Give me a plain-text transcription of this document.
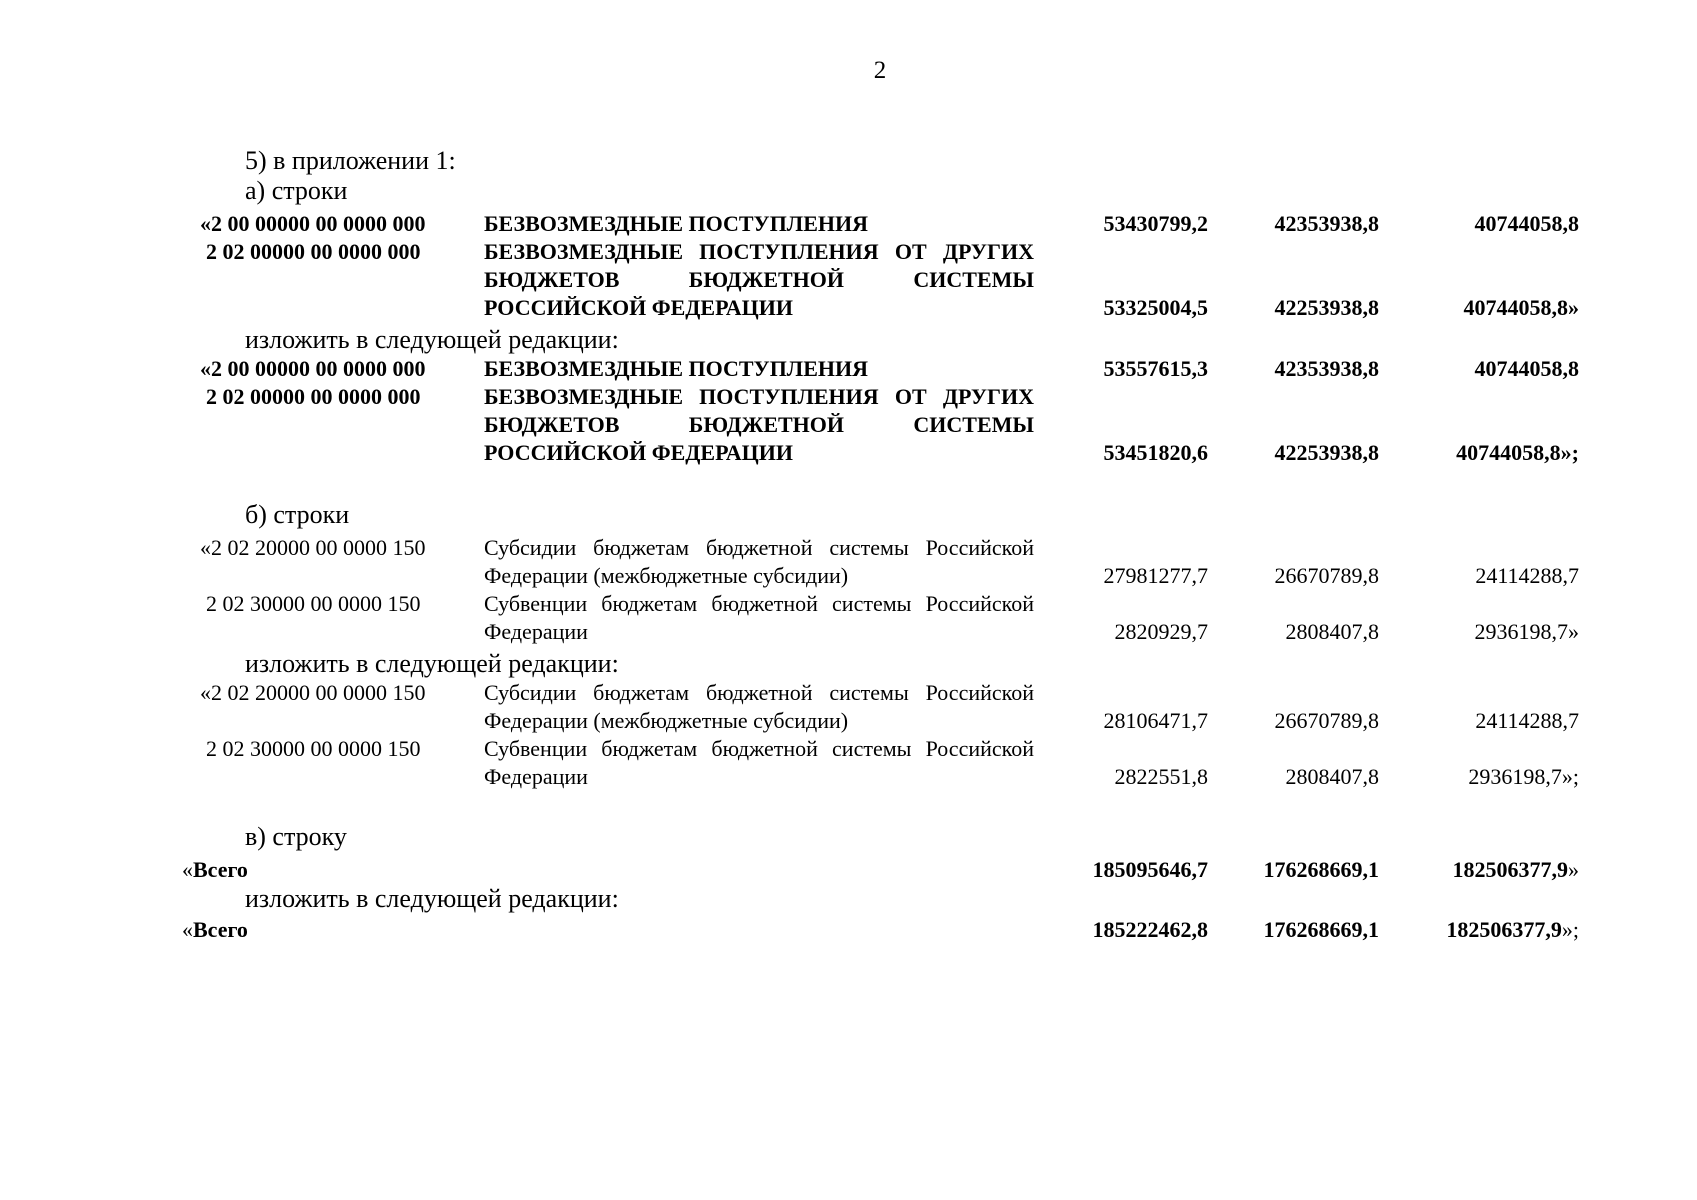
2
5) в приложении 1:
а) строки
«2 00 00000 00 0000 000	БЕЗВОЗМЕЗДНЫЕ ПОСТУПЛЕНИЯ	53430799,2	42353938,8	40744058,8
2 02 00000 00 0000 000	БЕЗВОЗМЕЗДНЫЕ ПОСТУПЛЕНИЯ ОТ ДРУГИХ БЮДЖЕТОВ БЮДЖЕТНОЙ СИСТЕМЫ РОССИЙСКОЙ ФЕДЕРАЦИИ	53325004,5	42253938,8	40744058,8»
изложить в следующей редакции:
«2 00 00000 00 0000 000	БЕЗВОЗМЕЗДНЫЕ ПОСТУПЛЕНИЯ	53557615,3	42353938,8	40744058,8
2 02 00000 00 0000 000	БЕЗВОЗМЕЗДНЫЕ ПОСТУПЛЕНИЯ ОТ ДРУГИХ БЮДЖЕТОВ БЮДЖЕТНОЙ СИСТЕМЫ РОССИЙСКОЙ ФЕДЕРАЦИИ	53451820,6	42253938,8	40744058,8»;
б) строки
«2 02 20000 00 0000 150	Субсидии бюджетам бюджетной системы Российской Федерации (межбюджетные субсидии)	27981277,7	26670789,8	24114288,7
2 02 30000 00 0000 150	Субвенции бюджетам бюджетной системы Российской Федерации	2820929,7	2808407,8	2936198,7»
изложить в следующей редакции:
«2 02 20000 00 0000 150	Субсидии бюджетам бюджетной системы Российской Федерации (межбюджетные субсидии)	28106471,7	26670789,8	24114288,7
2 02 30000 00 0000 150	Субвенции бюджетам бюджетной системы Российской Федерации	2822551,8	2808407,8	2936198,7»;
в) строку
«Всего	185095646,7	176268669,1	182506377,9»
изложить в следующей редакции:
«Всего	185222462,8	176268669,1	182506377,9»;
